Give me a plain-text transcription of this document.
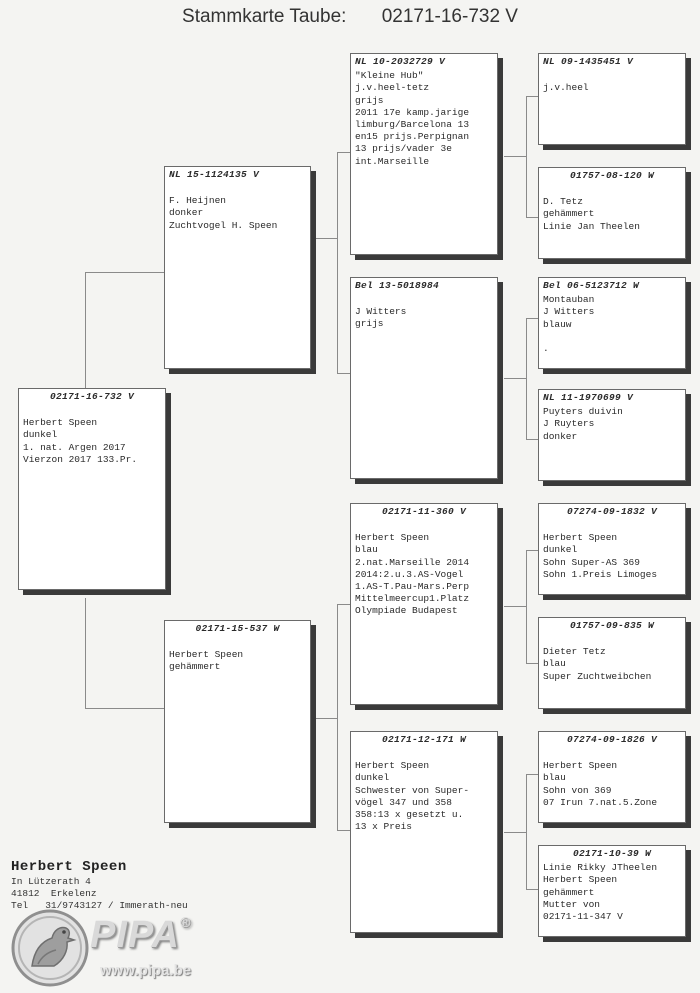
Stammkarte Taube: 02171-16-732 V
02171-16-732 V
Herbert Speen
dunkel
1. nat. Argen 2017
Vierzon 2017 133.Pr.
NL 15-1124135 V
F. Heijnen
donker
Zuchtvogel H. Speen
02171-15-537 W
Herbert Speen
gehämmert
NL 10-2032729 V
"Kleine Hub"
j.v.heel-tetz
grijs
2011 17e kamp.jarige
limburg/Barcelona 13
en15 prijs.Perpignan
13 prijs/vader 3e
int.Marseille
Bel 13-5018984
J Witters
grijs
02171-11-360 V
Herbert Speen
blau
2.nat.Marseille 2014
2014:2.u.3.AS-Vogel
1.AS-T.Pau-Mars.Perp
Mittelmeercup1.Platz
Olympiade Budapest
02171-12-171 W
Herbert Speen
dunkel
Schwester von Super-
vögel 347 und 358
358:13 x gesetzt u.
13 x Preis
NL 09-1435451 V
j.v.heel
01757-08-120 W
D. Tetz
gehämmert
Linie Jan Theelen
Bel 06-5123712 W
Montauban
J Witters
blauw
.
NL 11-1970699 V
Puyters duivin
J Ruyters
donker
07274-09-1832 V
Herbert Speen
dunkel
Sohn Super-AS 369
Sohn 1.Preis Limoges
01757-09-835 W
Dieter Tetz
blau
Super Zuchtweibchen
07274-09-1826 V
Herbert Speen
blau
Sohn von 369
07 Irun 7.nat.5.Zone
02171-10-39 W
Linie Rikky JTheelen
Herbert Speen
gehämmert
Mutter von
02171-11-347 V
Herbert Speen
In Lützerath 4
41812  Erkelenz
Tel   31/9743127 / Immerath-neu
PIPA®
www.pipa.be
